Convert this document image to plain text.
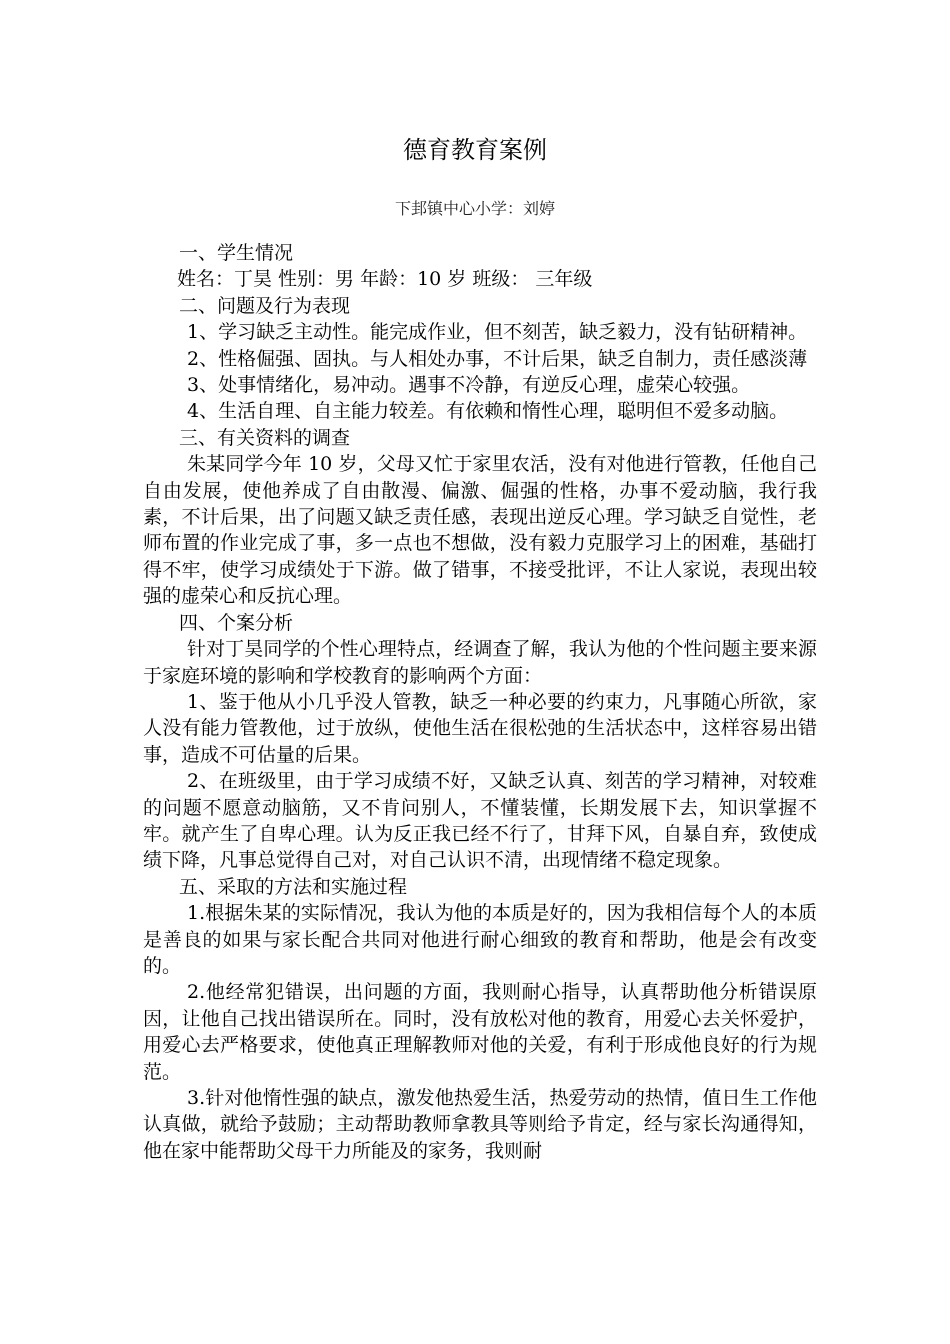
德育教育案例
下邽镇中心小学：刘婷

一、学生情况

姓名：丁昊 性别：男 年龄：10 岁 班级： 三年级

二、问题及行为表现

1、学习缺乏主动性。能完成作业，但不刻苦，缺乏毅力，没有钻研精神。

2、性格倔强、固执。与人相处办事，不计后果，缺乏自制力，责任感淡薄

3、处事情绪化，易冲动。遇事不冷静，有逆反心理，虚荣心较强。

4、生活自理、自主能力较差。有依赖和惰性心理，聪明但不爱多动脑。

三、有关资料的调查

朱某同学今年 10 岁，父母又忙于家里农活，没有对他进行管教，任他自己自由发展，使他养成了自由散漫、偏激、倔强的性格，办事不爱动脑，我行我素，不计后果，出了问题又缺乏责任感，表现出逆反心理。学习缺乏自觉性，老师布置的作业完成了事，多一点也不想做，没有毅力克服学习上的困难，基础打得不牢，使学习成绩处于下游。做了错事，不接受批评，不让人家说，表现出较强的虚荣心和反抗心理。

四、个案分析

针对丁昊同学的个性心理特点，经调查了解，我认为他的个性问题主要来源于家庭环境的影响和学校教育的影响两个方面：

1、鉴于他从小几乎没人管教，缺乏一种必要的约束力，凡事随心所欲，家人没有能力管教他，过于放纵，使他生活在很松弛的生活状态中，这样容易出错事，造成不可估量的后果。

2、在班级里，由于学习成绩不好，又缺乏认真、刻苦的学习精神，对较难的问题不愿意动脑筋，又不肯问别人，不懂装懂，长期发展下去，知识掌握不牢。就产生了自卑心理。认为反正我已经不行了，甘拜下风，自暴自弃，致使成绩下降，凡事总觉得自己对，对自己认识不清，出现情绪不稳定现象。

五、采取的方法和实施过程

1.根据朱某的实际情况，我认为他的本质是好的，因为我相信每个人的本质是善良的如果与家长配合共同对他进行耐心细致的教育和帮助，他是会有改变的。

2.他经常犯错误，出问题的方面，我则耐心指导，认真帮助他分析错误原因，让他自己找出错误所在。同时，没有放松对他的教育，用爱心去关怀爱护，用爱心去严格要求，使他真正理解教师对他的关爱，有利于形成他良好的行为规范。

3.针对他惰性强的缺点，激发他热爱生活，热爱劳动的热情，值日生工作他认真做，就给予鼓励；主动帮助教师拿教具等则给予肯定，经与家长沟通得知，他在家中能帮助父母干力所能及的家务，我则耐
